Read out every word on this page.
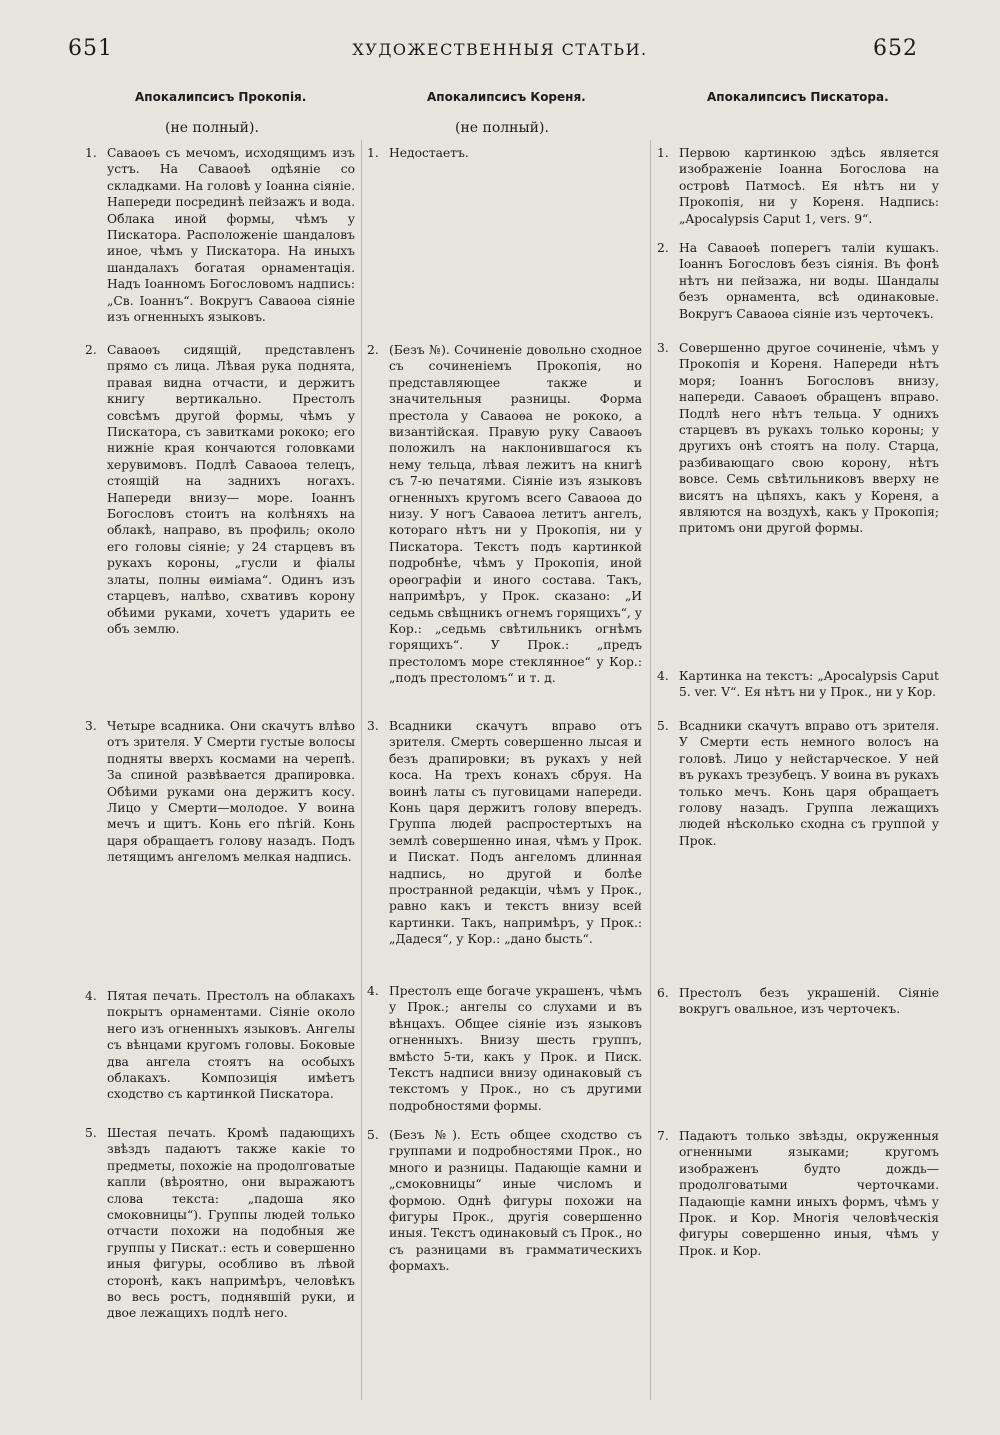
651	ХУДОЖЕСТВЕННЫЯ СТАТЬИ.	652
Апокалипсисъ Прокопія.	Апокалипсисъ Кореня.	Апокалипсисъ Пискатора.
(не полный).	(не полный).
1. Саваоѳъ съ мечомъ, исходящимъ изъ устъ. На Саваоѳѣ одѣяніе со складками. На головѣ у Іоанна сіяніе. Напереди посрединѣ пейзажъ и вода. Облака иной формы, чѣмъ у Пискатора. Расположеніе шандаловъ иное, чѣмъ у Пискатора. На иныхъ шандалахъ богатая орнаментація. Надъ Іоанномъ Богословомъ надпись: „Св. Іоаннъ“. Вокругъ Саваоѳа сіяніе изъ огненныхъ языковъ.
2. Саваоѳъ сидящій, представленъ прямо съ лица. Лѣвая рука поднята, правая видна отчасти, и держитъ книгу вертикально. Престолъ совсѣмъ другой формы, чѣмъ у Пискатора, съ завитками рококо; его нижніе края кончаются головками херувимовъ. Подлѣ Саваоѳа телецъ, стоящій на заднихъ ногахъ. Напереди внизу— море. Іоаннъ Богословъ стоитъ на колѣняхъ на облакѣ, направо, въ профиль; около его головы сіяніе; у 24 старцевъ въ рукахъ короны, „гусли и фіалы златы, полны ѳиміама“. Одинъ изъ старцевъ, налѣво, схвативъ корону обѣими руками, хочетъ ударить ее объ землю.
3. Четыре всадника. Они скачутъ влѣво отъ зрителя. У Смерти густые волосы подняты вверхъ космами на черепѣ. За спиной развѣвается драпировка. Обѣими руками она держитъ косу. Лицо у Смерти—молодое. У воина мечъ и щитъ. Конь его пѣгій. Конь царя обращаетъ голову назадъ. Подъ летящимъ ангеломъ мелкая надпись.
4. Пятая печать. Престолъ на облакахъ покрытъ орнаментами. Сіяніе около него изъ огненныхъ языковъ. Ангелы съ вѣнцами кругомъ головы. Боковые два ангела стоятъ на особыхъ облакахъ. Композиція имѣетъ сходство съ картинкой Пискатора.
5. Шестая печать. Кромѣ падающихъ звѣздъ падаютъ также какіе то предметы, похожіе на продолговатые капли (вѣроятно, они выражаютъ слова текста: „падоша яко смоковницы“). Группы людей только отчасти похожи на подобныя же группы у Пискат.: есть и совершенно иныя фигуры, особливо въ лѣвой сторонѣ, какъ напримѣръ, человѣкъ во весь ростъ, поднявшій руки, и двое лежащихъ подлѣ него.
1. Недостаетъ.
2. (Безъ №). Сочиненіе довольно сходное съ сочиненіемъ Прокопія, но представляющее также и значительныя разницы. Форма престола у Саваоѳа не рококо, а византійская. Правую руку Саваоѳъ положилъ на наклонившагося къ нему тельца, лѣвая лежитъ на книгѣ съ 7-ю печатями. Сіяніе изъ языковъ огненныхъ кругомъ всего Саваоѳа до низу. У ногъ Саваоѳа летитъ ангелъ, котораго нѣтъ ни у Прокопія, ни у Пискатора. Текстъ подъ картинкой подробнѣе, чѣмъ у Прокопія, иной орѳографіи и иного состава. Такъ, напримѣръ, у Прок. сказано: „И седьмь свѣщникъ огнемъ горящихъ“, у Кор.: „седьмь свѣтильникъ огнѣмъ горящихъ“. У Прок.: „предъ престоломъ море стеклянное“ у Кор.: „подъ престоломъ“ и т. д.
3. Всадники скачутъ вправо отъ зрителя. Смерть совершенно лысая и безъ драпировки; въ рукахъ у ней коса. На трехъ конахъ сбруя. На воинѣ латы съ пуговицами напереди. Конь царя держитъ голову впередъ. Группа людей распростертыхъ на землѣ совершенно иная, чѣмъ у Прок. и Пискат. Подъ ангеломъ длинная надпись, но другой и болѣе пространной редакціи, чѣмъ у Прок., равно какъ и текстъ внизу всей картинки. Такъ, напримѣръ, у Прок.: „Дадеся“, у Кор.: „дано бысть“.
4. Престолъ еще богаче украшенъ, чѣмъ у Прок.; ангелы со слухами и въ вѣнцахъ. Общее сіяніе изъ языковъ огненныхъ. Внизу шесть группъ, вмѣсто 5-ти, какъ у Прок. и Писк. Текстъ надписи внизу одинаковый съ текстомъ у Прок., но съ другими подробностями формы.
5. (Безъ №). Есть общее сходство съ группами и подробностями Прок., но много и разницы. Падающіе камни и „смоковницы“ иные числомъ и формою. Однѣ фигуры похожи на фигуры Прок., другія совершенно иныя. Текстъ одинаковый съ Прок., но съ разницами въ грамматическихъ формахъ.
1. Первою картинкою здѣсь является изображеніе Іоанна Богослова на островѣ Патмосѣ. Ея нѣтъ ни у Прокопія, ни у Кореня. Надпись: „Apocalypsis Caput 1, vers. 9“.
2. На Саваоѳѣ поперегъ таліи кушакъ. Іоаннъ Богословъ безъ сіянія. Въ фонѣ нѣтъ ни пейзажа, ни воды. Шандалы безъ орнамента, всѣ одинаковые. Вокругъ Саваоѳа сіяніе изъ черточекъ.
3. Совершенно другое сочиненіе, чѣмъ у Прокопія и Кореня. Напереди нѣтъ моря; Іоаннъ Богословъ внизу, напереди. Саваоѳъ обращенъ вправо. Подлѣ него нѣтъ тельца. У однихъ старцевъ въ рукахъ только короны; у другихъ онѣ стоятъ на полу. Старца, разбивающаго свою корону, нѣтъ вовсе. Семь свѣтильниковъ вверху не висятъ на цѣпяхъ, какъ у Кореня, а являются на воздухѣ, какъ у Прокопія; притомъ они другой формы.
4. Картинка на текстъ: „Apocalypsis Caput 5. ver. V“. Ея нѣтъ ни у Прок., ни у Кор.
5. Всадники скачутъ вправо отъ зрителя. У Смерти есть немного волосъ на головѣ. Лицо у нейстарческое. У ней въ рукахъ трезубецъ. У воина въ рукахъ только мечъ. Конь царя обращаетъ голову назадъ. Группа лежащихъ людей нѣсколько сходна съ группой у Прок.
6. Престолъ безъ украшеній. Сіяніе вокругъ овальное, изъ черточекъ.
7. Падаютъ только звѣзды, окруженныя огненными языками; кругомъ изображенъ будто дождь—продолговатыми черточками. Падающіе камни иныхъ формъ, чѣмъ у Прок. и Кор. Многія человѣческія фигуры совершенно иныя, чѣмъ у Прок. и Кор.
